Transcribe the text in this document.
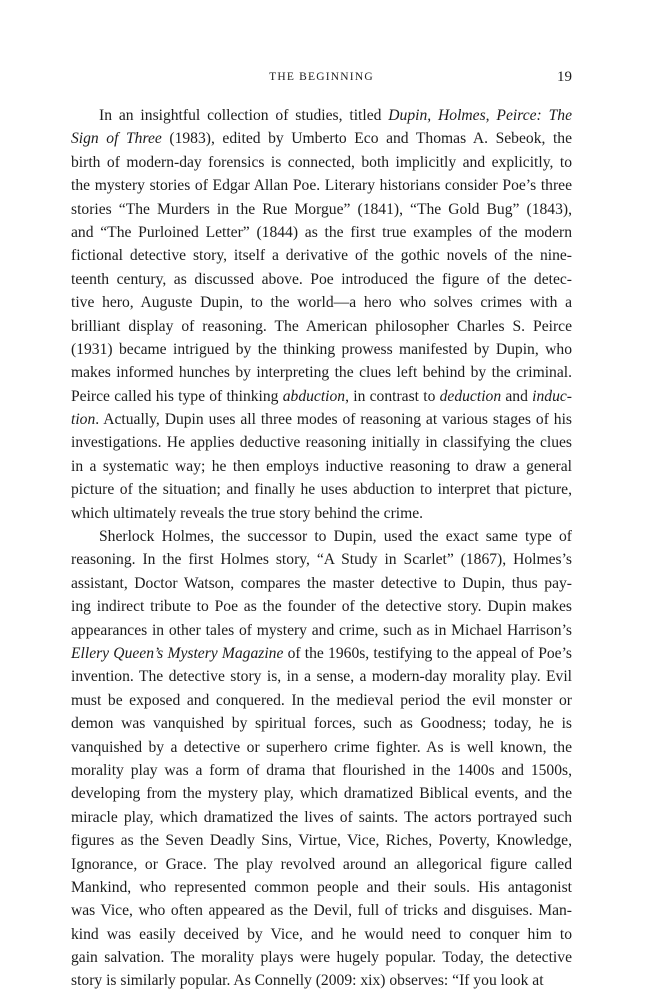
THE BEGINNING	19
In an insightful collection of studies, titled Dupin, Holmes, Peirce: The
Sign of Three (1983), edited by Umberto Eco and Thomas A. Sebeok, the
birth of modern-day forensics is connected, both implicitly and explicitly, to
the mystery stories of Edgar Allan Poe. Literary historians consider Poe’s three
stories “The Murders in the Rue Morgue” (1841), “The Gold Bug” (1843),
and “The Purloined Letter” (1844) as the first true examples of the modern
fictional detective story, itself a derivative of the gothic novels of the nine-
teenth century, as discussed above. Poe introduced the figure of the detec-
tive hero, Auguste Dupin, to the world—a hero who solves crimes with a
brilliant display of reasoning. The American philosopher Charles S. Peirce
(1931) became intrigued by the thinking prowess manifested by Dupin, who
makes informed hunches by interpreting the clues left behind by the criminal.
Peirce called his type of thinking abduction, in contrast to deduction and induc-
tion. Actually, Dupin uses all three modes of reasoning at various stages of his
investigations. He applies deductive reasoning initially in classifying the clues
in a systematic way; he then employs inductive reasoning to draw a general
picture of the situation; and finally he uses abduction to interpret that picture,
which ultimately reveals the true story behind the crime.
Sherlock Holmes, the successor to Dupin, used the exact same type of
reasoning. In the first Holmes story, “A Study in Scarlet” (1867), Holmes’s
assistant, Doctor Watson, compares the master detective to Dupin, thus pay-
ing indirect tribute to Poe as the founder of the detective story. Dupin makes
appearances in other tales of mystery and crime, such as in Michael Harrison’s
Ellery Queen’s Mystery Magazine of the 1960s, testifying to the appeal of Poe’s
invention. The detective story is, in a sense, a modern-day morality play. Evil
must be exposed and conquered. In the medieval period the evil monster or
demon was vanquished by spiritual forces, such as Goodness; today, he is
vanquished by a detective or superhero crime fighter. As is well known, the
morality play was a form of drama that flourished in the 1400s and 1500s,
developing from the mystery play, which dramatized Biblical events, and the
miracle play, which dramatized the lives of saints. The actors portrayed such
figures as the Seven Deadly Sins, Virtue, Vice, Riches, Poverty, Knowledge,
Ignorance, or Grace. The play revolved around an allegorical figure called
Mankind, who represented common people and their souls. His antagonist
was Vice, who often appeared as the Devil, full of tricks and disguises. Man-
kind was easily deceived by Vice, and he would need to conquer him to
gain salvation. The morality plays were hugely popular. Today, the detective
story is similarly popular. As Connelly (2009: xix) observes: “If you look at
